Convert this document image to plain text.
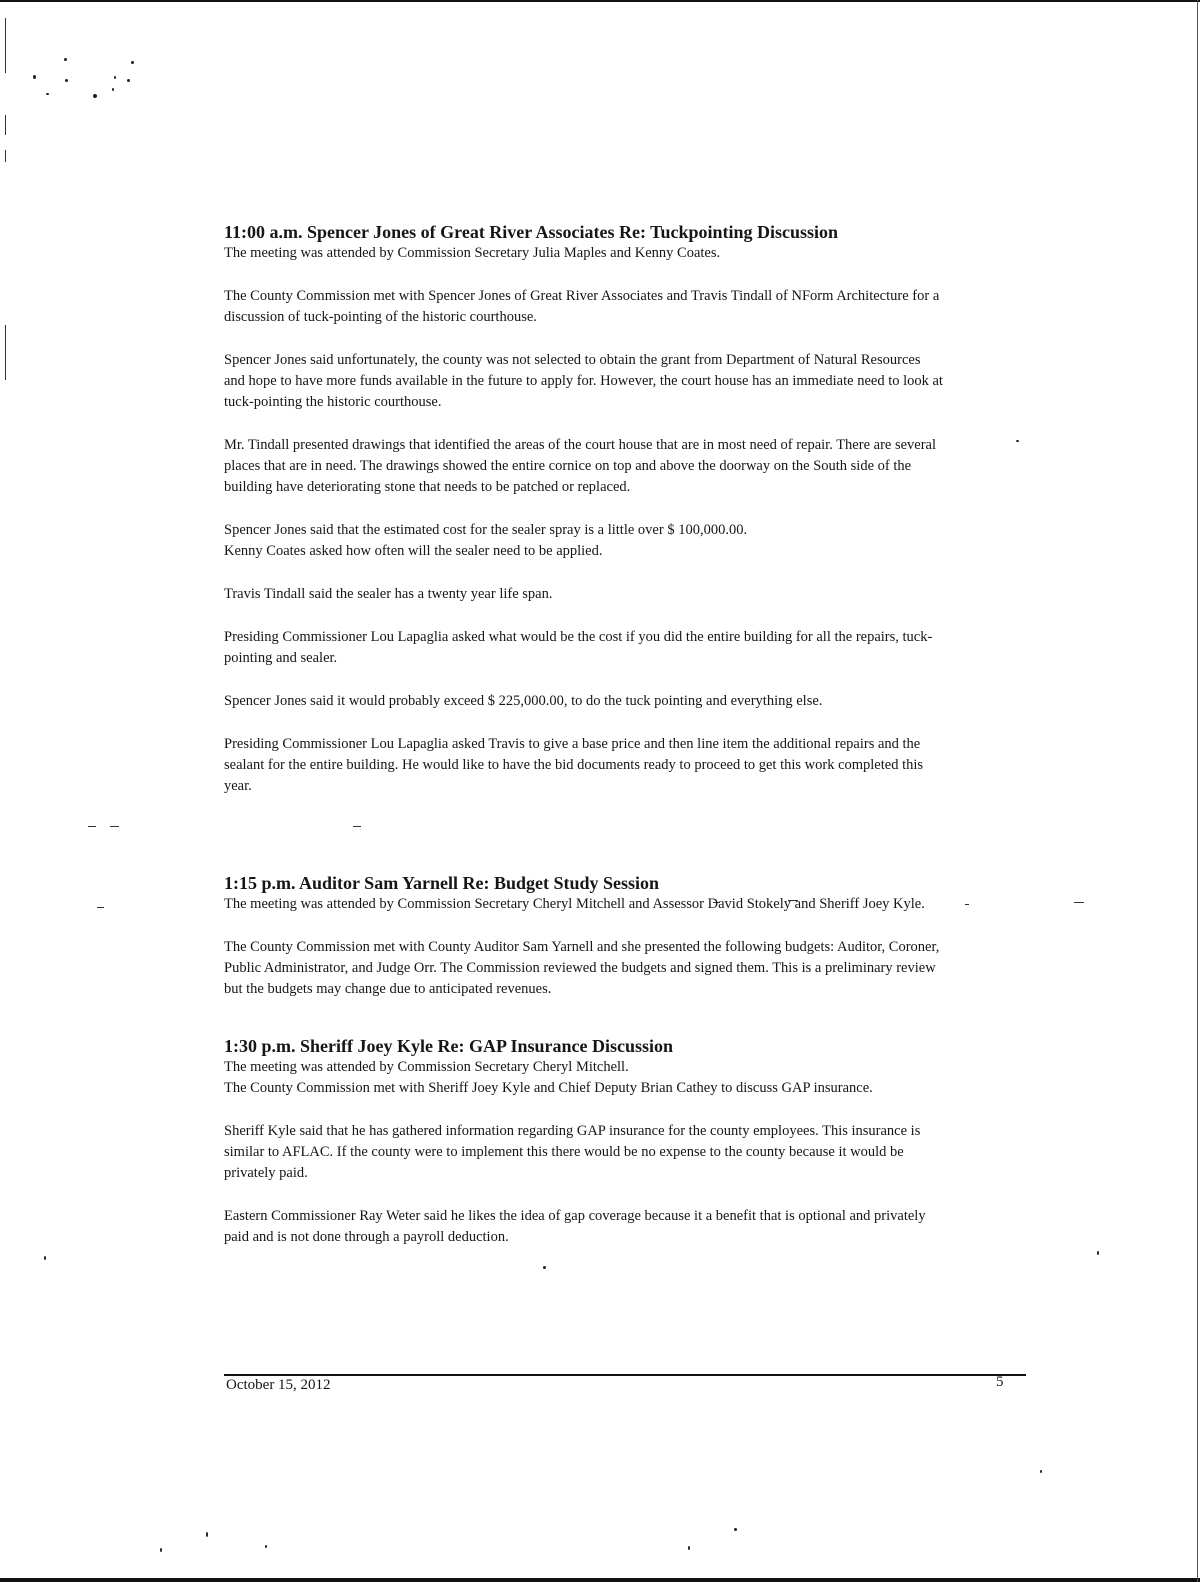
11:00 a.m. Spencer Jones of Great River Associates Re: Tuckpointing Discussion

The meeting was attended by Commission Secretary Julia Maples and Kenny Coates.

The County Commission met with Spencer Jones of Great River Associates and Travis Tindall of NForm Architecture for a discussion of tuck-pointing of the historic courthouse.

Spencer Jones said unfortunately, the county was not selected to obtain the grant from Department of Natural Resources and hope to have more funds available in the future to apply for. However, the court house has an immediate need to look at tuck-pointing the historic courthouse.

Mr. Tindall presented drawings that identified the areas of the court house that are in most need of repair. There are several places that are in need. The drawings showed the entire cornice on top and above the doorway on the South side of the building have deteriorating stone that needs to be patched or replaced.

Spencer Jones said that the estimated cost for the sealer spray is a little over $ 100,000.00.

Kenny Coates asked how often will the sealer need to be applied.

Travis Tindall said the sealer has a twenty year life span.

Presiding Commissioner Lou Lapaglia asked what would be the cost if you did the entire building for all the repairs, tuck-pointing and sealer.

Spencer Jones said it would probably exceed $ 225,000.00, to do the tuck pointing and everything else.

Presiding Commissioner Lou Lapaglia asked Travis to give a base price and then line item the additional repairs and the sealant for the entire building. He would like to have the bid documents ready to proceed to get this work completed this year.

1:15 p.m. Auditor Sam Yarnell Re: Budget Study Session

The meeting was attended by Commission Secretary Cheryl Mitchell and Assessor David Stokely and Sheriff Joey Kyle.

The County Commission met with County Auditor Sam Yarnell and she presented the following budgets: Auditor, Coroner, Public Administrator, and Judge Orr. The Commission reviewed the budgets and signed them. This is a preliminary review but the budgets may change due to anticipated revenues.

1:30 p.m. Sheriff Joey Kyle Re: GAP Insurance Discussion

The meeting was attended by Commission Secretary Cheryl Mitchell.

The County Commission met with Sheriff Joey Kyle and Chief Deputy Brian Cathey to discuss GAP insurance.

Sheriff Kyle said that he has gathered information regarding GAP insurance for the county employees. This insurance is similar to AFLAC. If the county were to implement this there would be no expense to the county because it would be privately paid.

Eastern Commissioner Ray Weter said he likes the idea of gap coverage because it a benefit that is optional and privately paid and is not done through a payroll deduction.

October 15, 2012	5
